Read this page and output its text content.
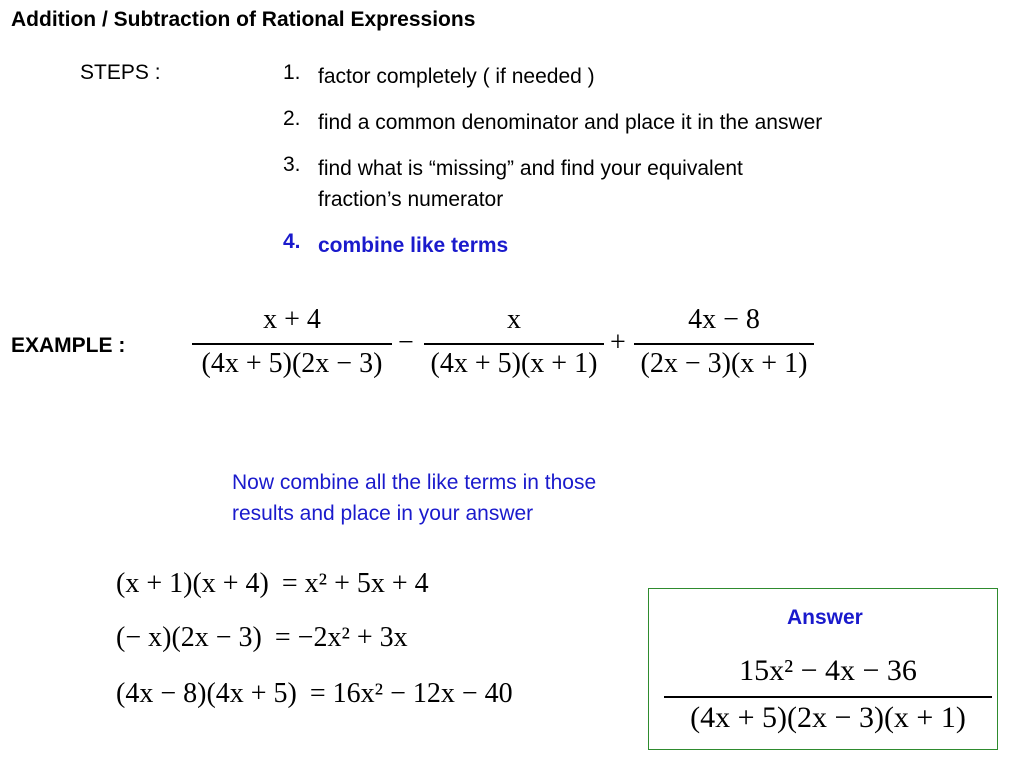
Addition / Subtraction of Rational Expressions
STEPS :	1. factor completely ( if needed )
2. find a common denominator and place it in the answer
3. find what is “missing” and find your equivalent
fraction’s numerator
4. combine like terms
EXAMPLE :
x + 4
(4x + 5)(2x − 3)
−
x
(4x + 5)(x + 1)
+
4x − 8
(2x − 3)(x + 1)
Now combine all the like terms in those
results and place in your answer
(x + 1)(x + 4) = x² + 5x + 4
(− x)(2x − 3) = −2x² + 3x
(4x − 8)(4x + 5) = 16x² − 12x − 40
Answer
15x² − 4x − 36
(4x + 5)(2x − 3)(x + 1)
